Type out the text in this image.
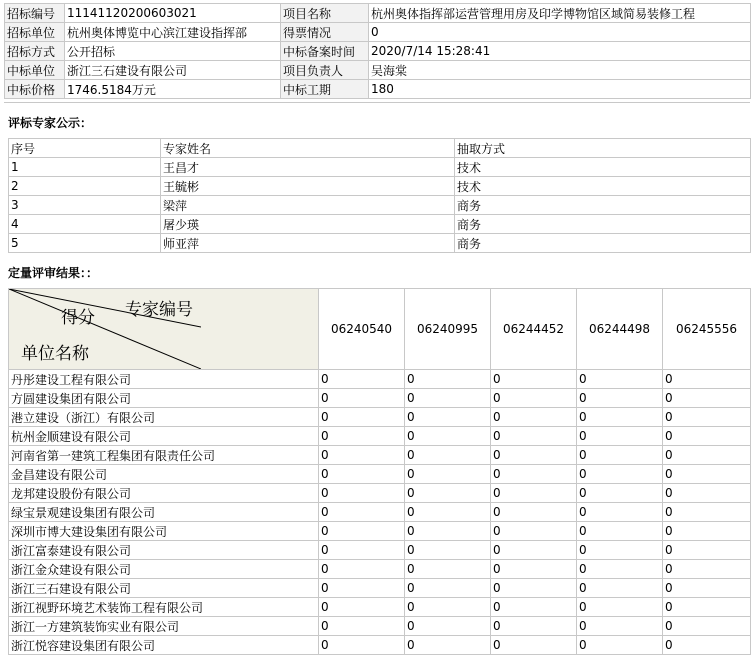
招标编号	11141120200603021	项目名称	杭州奥体指挥部运营管理用房及印学博物馆区域简易装修工程
招标单位	杭州奥体博览中心滨江建设指挥部	得票情况	0
招标方式	公开招标	中标备案时间	2020/7/14 15:28:41
中标单位	浙江三石建设有限公司	项目负责人	吴海棠
中标价格	1746.5184万元	中标工期	180
评标专家公示：
序号	专家姓名	抽取方式
1	王昌才	技术
2	王毓彬	技术
3	梁萍	商务
4	屠少瑛	商务
5	师亚萍	商务
定量评审结果：：
专家编号
得分
单位名称	06240540	06240995	06244452	06244498	06245556
丹彤建设工程有限公司	0	0	0	0	0
方圆建设集团有限公司	0	0	0	0	0
港立建设（浙江）有限公司	0	0	0	0	0
杭州金顺建设有限公司	0	0	0	0	0
河南省第一建筑工程集团有限责任公司	0	0	0	0	0
金昌建设有限公司	0	0	0	0	0
龙邦建设股份有限公司	0	0	0	0	0
绿宝景观建设集团有限公司	0	0	0	0	0
深圳市博大建设集团有限公司	0	0	0	0	0
浙江富泰建设有限公司	0	0	0	0	0
浙江金众建设有限公司	0	0	0	0	0
浙江三石建设有限公司	0	0	0	0	0
浙江视野环境艺术装饰工程有限公司	0	0	0	0	0
浙江一方建筑装饰实业有限公司	0	0	0	0	0
浙江悦容建设集团有限公司	0	0	0	0	0
